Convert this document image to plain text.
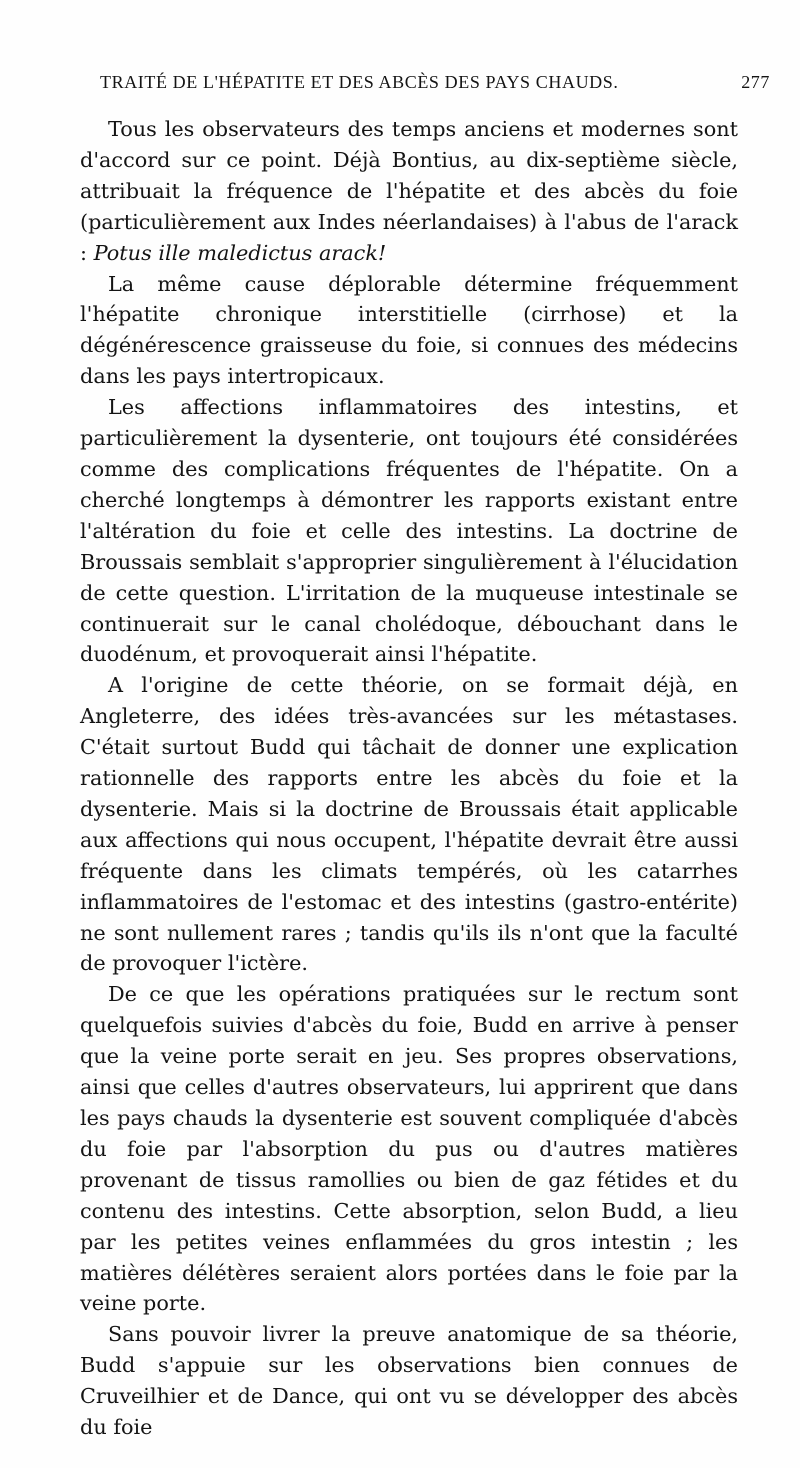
TRAITÉ DE L'HÉPATITE ET DES ABCÈS DES PAYS CHAUDS.	277

Tous les observateurs des temps anciens et modernes sont d'accord sur ce point. Déjà Bontius, au dix-septième siècle, attribuait la fréquence de l'hépatite et des abcès du foie (particulièrement aux Indes néerlandaises) à l'abus de l'arack : Potus ille maledictus arack!

La même cause déplorable détermine fréquemment l'hépatite chronique interstitielle (cirrhose) et la dégénérescence graisseuse du foie, si connues des médecins dans les pays intertropicaux.

Les affections inflammatoires des intestins, et particulièrement la dysenterie, ont toujours été considérées comme des complications fréquentes de l'hépatite. On a cherché longtemps à démontrer les rapports existant entre l'altération du foie et celle des intestins. La doctrine de Broussais semblait s'approprier singulièrement à l'élucidation de cette question. L'irritation de la muqueuse intestinale se continuerait sur le canal cholédoque, débouchant dans le duodénum, et provoquerait ainsi l'hépatite.

A l'origine de cette théorie, on se formait déjà, en Angleterre, des idées très-avancées sur les métastases. C'était surtout Budd qui tâchait de donner une explication rationnelle des rapports entre les abcès du foie et la dysenterie. Mais si la doctrine de Broussais était applicable aux affections qui nous occupent, l'hépatite devrait être aussi fréquente dans les climats tempérés, où les catarrhes inflammatoires de l'estomac et des intestins (gastro-entérite) ne sont nullement rares ; tandis qu'ils ils n'ont que la faculté de provoquer l'ictère.

De ce que les opérations pratiquées sur le rectum sont quelquefois suivies d'abcès du foie, Budd en arrive à penser que la veine porte serait en jeu. Ses propres observations, ainsi que celles d'autres observateurs, lui apprirent que dans les pays chauds la dysenterie est souvent compliquée d'abcès du foie par l'absorption du pus ou d'autres matières provenant de tissus ramollies ou bien de gaz fétides et du contenu des intestins. Cette absorption, selon Budd, a lieu par les petites veines enflammées du gros intestin ; les matières délétères seraient alors portées dans le foie par la veine porte.

Sans pouvoir livrer la preuve anatomique de sa théorie, Budd s'appuie sur les observations bien connues de Cruveilhier et de Dance, qui ont vu se développer des abcès du foie
